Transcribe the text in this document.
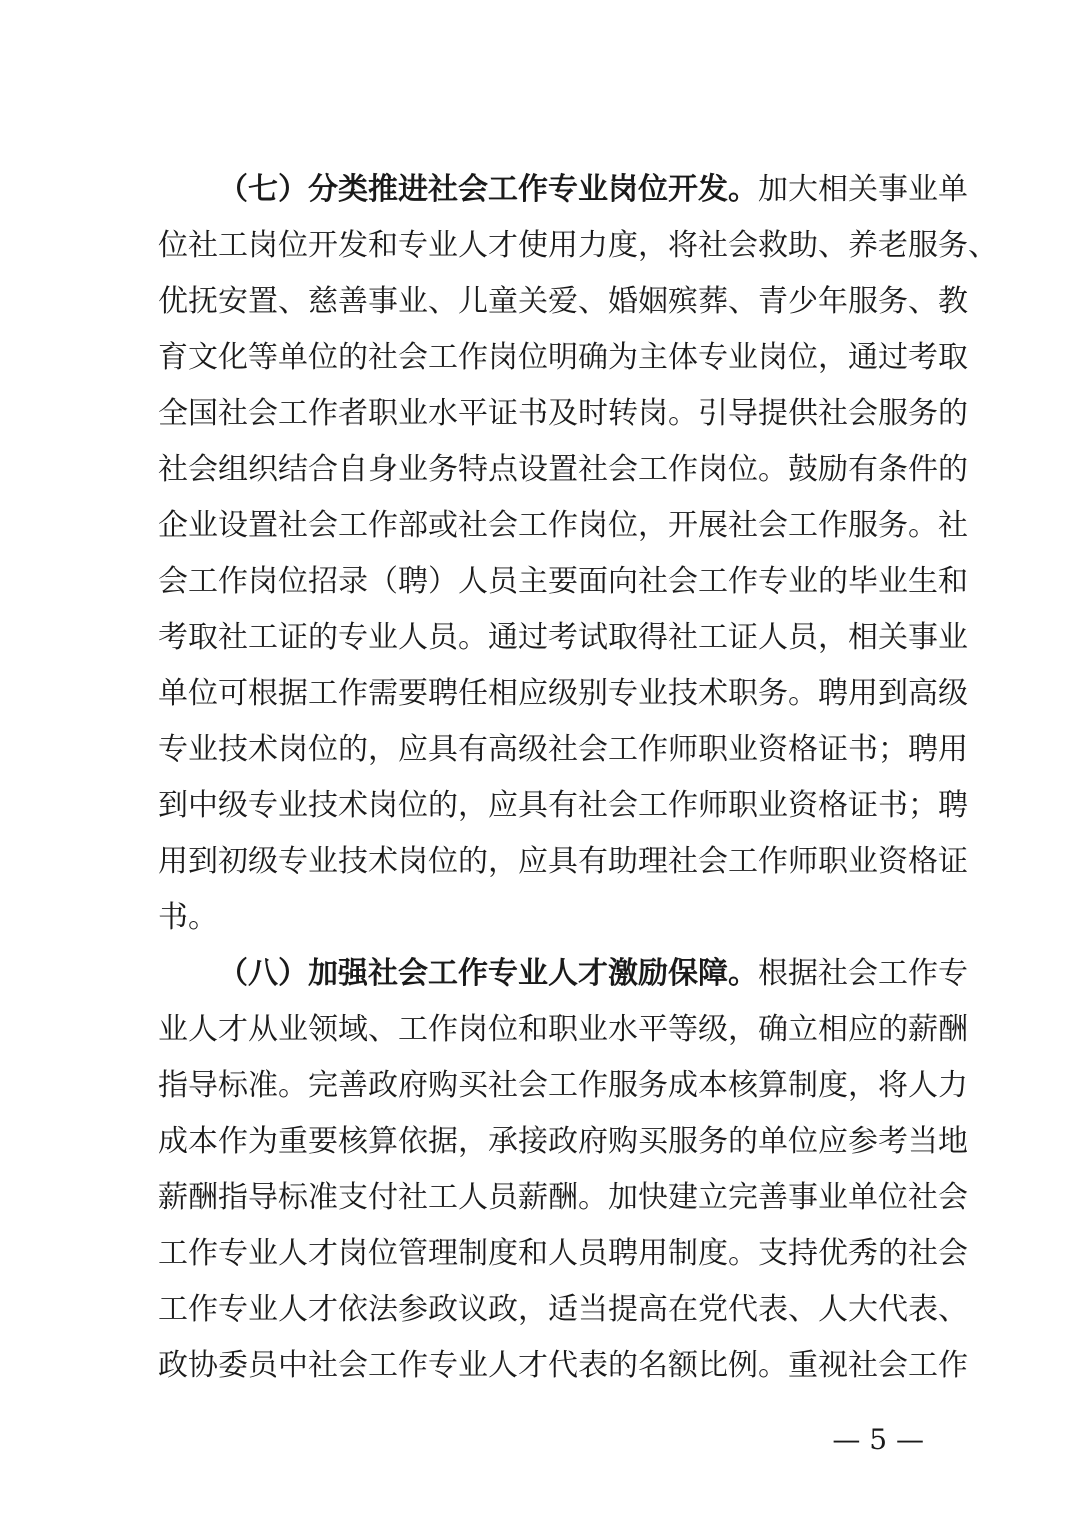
（七）分类推进社会工作专业岗位开发。加大相关事业单
位社工岗位开发和专业人才使用力度，将社会救助、养老服务、
优抚安置、慈善事业、儿童关爱、婚姻殡葬、青少年服务、教
育文化等单位的社会工作岗位明确为主体专业岗位，通过考取
全国社会工作者职业水平证书及时转岗。引导提供社会服务的
社会组织结合自身业务特点设置社会工作岗位。鼓励有条件的
企业设置社会工作部或社会工作岗位，开展社会工作服务。社
会工作岗位招录（聘）人员主要面向社会工作专业的毕业生和
考取社工证的专业人员。通过考试取得社工证人员，相关事业
单位可根据工作需要聘任相应级别专业技术职务。聘用到高级
专业技术岗位的，应具有高级社会工作师职业资格证书；聘用
到中级专业技术岗位的，应具有社会工作师职业资格证书；聘
用到初级专业技术岗位的，应具有助理社会工作师职业资格证
书。
（八）加强社会工作专业人才激励保障。根据社会工作专
业人才从业领域、工作岗位和职业水平等级，确立相应的薪酬
指导标准。完善政府购买社会工作服务成本核算制度，将人力
成本作为重要核算依据，承接政府购买服务的单位应参考当地
薪酬指导标准支付社工人员薪酬。加快建立完善事业单位社会
工作专业人才岗位管理制度和人员聘用制度。支持优秀的社会
工作专业人才依法参政议政，适当提高在党代表、人大代表、
政协委员中社会工作专业人才代表的名额比例。重视社会工作
— 5 —
